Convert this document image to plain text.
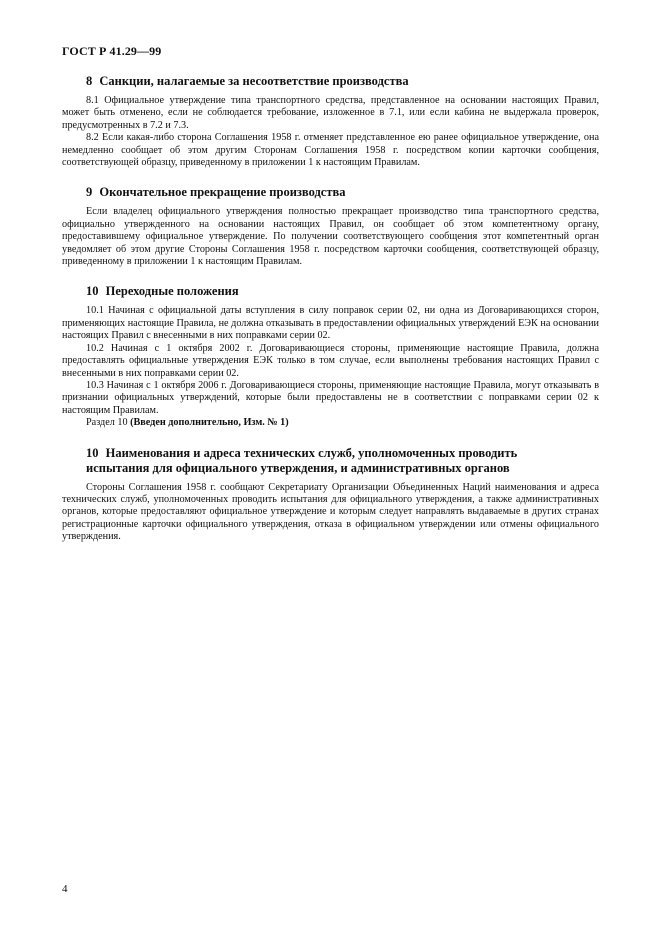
ГОСТ Р 41.29—99
8 Санкции, налагаемые за несоответствие производства

8.1 Официальное утверждение типа транспортного средства, представленное на основании настоящих Правил, может быть отменено, если не соблюдается требование, изложенное в 7.1, или если кабина не выдержала проверок, предусмотренных в 7.2 и 7.3.

8.2 Если какая-либо сторона Соглашения 1958 г. отменяет представленное ею ранее официальное утверждение, она немедленно сообщает об этом другим Сторонам Соглашения 1958 г. посредством копии карточки сообщения, соответствующей образцу, приведенному в приложении 1 к настоящим Правилам.

9 Окончательное прекращение производства

Если владелец официального утверждения полностью прекращает производство типа транспортного средства, официально утвержденного на основании настоящих Правил, он сообщает об этом компетентному органу, предоставившему официальное утверждение. По получении соответствующего сообщения этот компетентный орган уведомляет об этом другие Стороны Соглашения 1958 г. посредством карточки сообщения, соответствующей образцу, приведенному в приложении 1 к настоящим Правилам.

10 Переходные положения

10.1 Начиная с официальной даты вступления в силу поправок серии 02, ни одна из Договаривающихся сторон, применяющих настоящие Правила, не должна отказывать в предоставлении официальных утверждений ЕЭК на основании настоящих Правил с внесенными в них поправками серии 02.

10.2 Начиная с 1 октября 2002 г. Договаривающиеся стороны, применяющие настоящие Правила, должна предоставлять официальные утверждения ЕЭК только в том случае, если выполнены требования настоящих Правил с внесенными в них поправками серии 02.

10.3 Начиная с 1 октября 2006 г. Договаривающиеся стороны, применяющие настоящие Правила, могут отказывать в признании официальных утверждений, которые были предоставлены не в соответствии с поправками серии 02 к настоящим Правилам.

Раздел 10 (Введен дополнительно, Изм. № 1)

10 Наименования и адреса технических служб, уполномоченных проводить
испытания для официального утверждения, и административных органов

Стороны Соглашения 1958 г. сообщают Секретариату Организации Объединенных Наций наименования и адреса технических служб, уполномоченных проводить испытания для официального утверждения, а также административных органов, которые предоставляют официальное утверждение и которым следует направлять выдаваемые в других странах регистрационные карточки официального утверждения, отказа в официальном утверждении или отмены официального утверждения.

4
